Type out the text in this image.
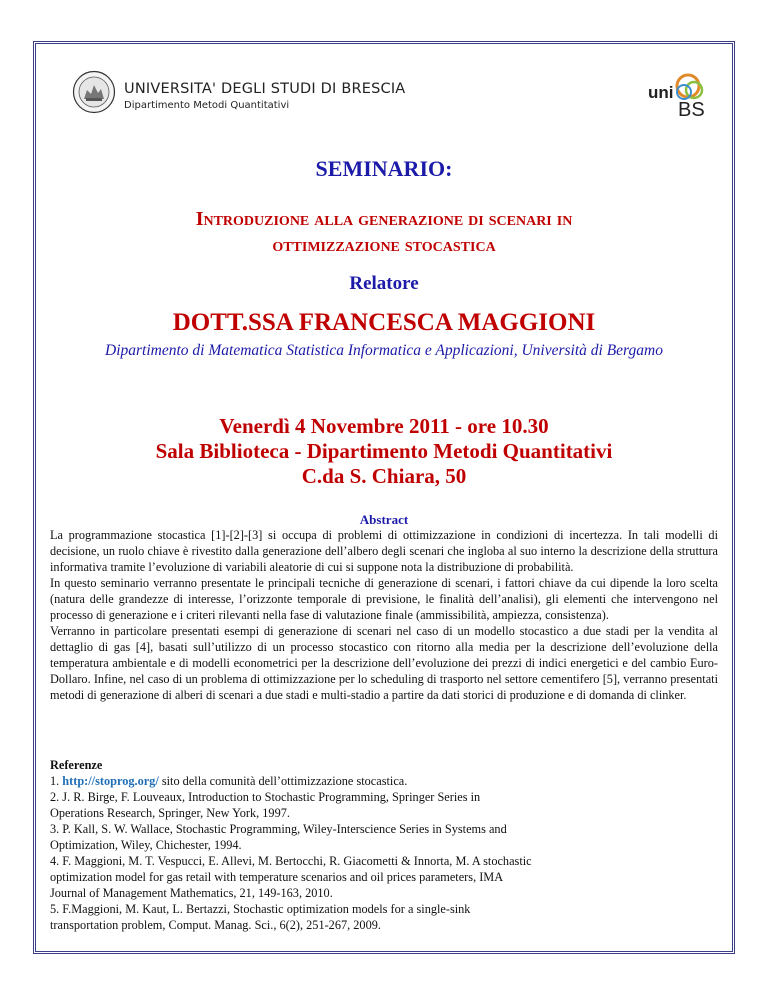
UNIVERSITA' DEGLI STUDI DI BRESCIA
Dipartimento Metodi Quantitativi
uni
BS
SEMINARIO:
Introduzione alla generazione di scenari in
ottimizzazione stocastica
Relatore
DOTT.SSA FRANCESCA MAGGIONI
Dipartimento di Matematica Statistica Informatica e Applicazioni, Università di Bergamo
Venerdì 4 Novembre 2011 - ore 10.30
Sala Biblioteca - Dipartimento Metodi Quantitativi
C.da S. Chiara, 50
Abstract

La programmazione stocastica [1]-[2]-[3] si occupa di problemi di ottimizzazione in condizioni di incertezza. In tali modelli di decisione, un ruolo chiave è rivestito dalla generazione dell’albero degli scenari che ingloba al suo interno la descrizione della struttura informativa tramite l’evoluzione di variabili aleatorie di cui si suppone nota la distribuzione di probabilità.

In questo seminario verranno presentate le principali tecniche di generazione di scenari, i fattori chiave da cui dipende la loro scelta (natura delle grandezze di interesse, l’orizzonte temporale di previsione, le finalità dell’analisi), gli elementi che intervengono nel processo di generazione e i criteri rilevanti nella fase di valutazione finale (ammissibilità, ampiezza, consistenza).

Verranno in particolare presentati esempi di generazione di scenari nel caso di un modello stocastico a due stadi per la vendita al dettaglio di gas [4], basati sull’utilizzo di un processo stocastico con ritorno alla media per la descrizione dell’evoluzione della temperatura ambientale e di modelli econometrici per la descrizione dell’evoluzione dei prezzi di indici energetici e del cambio Euro-Dollaro. Infine, nel caso di un problema di ottimizzazione per lo scheduling di trasporto nel settore cementifero [5], verranno presentati metodi di generazione di alberi di scenari a due stadi e multi-stadio a partire da dati storici di produzione e di domanda di clinker.

Referenze
1. http://stoprog.org/ sito della comunità dell’ottimizzazione stocastica.
2. J. R. Birge, F. Louveaux, Introduction to Stochastic Programming, Springer Series in
Operations Research, Springer, New York, 1997.
3. P. Kall, S. W. Wallace, Stochastic Programming, Wiley-Interscience Series in Systems and
Optimization, Wiley, Chichester, 1994.
4. F. Maggioni, M. T. Vespucci, E. Allevi, M. Bertocchi, R. Giacometti & Innorta, M. A stochastic
optimization model for gas retail with temperature scenarios and oil prices parameters, IMA
Journal of Management Mathematics, 21, 149-163, 2010.
5. F.Maggioni, M. Kaut, L. Bertazzi, Stochastic optimization models for a single-sink
transportation problem, Comput. Manag. Sci., 6(2), 251-267, 2009.
